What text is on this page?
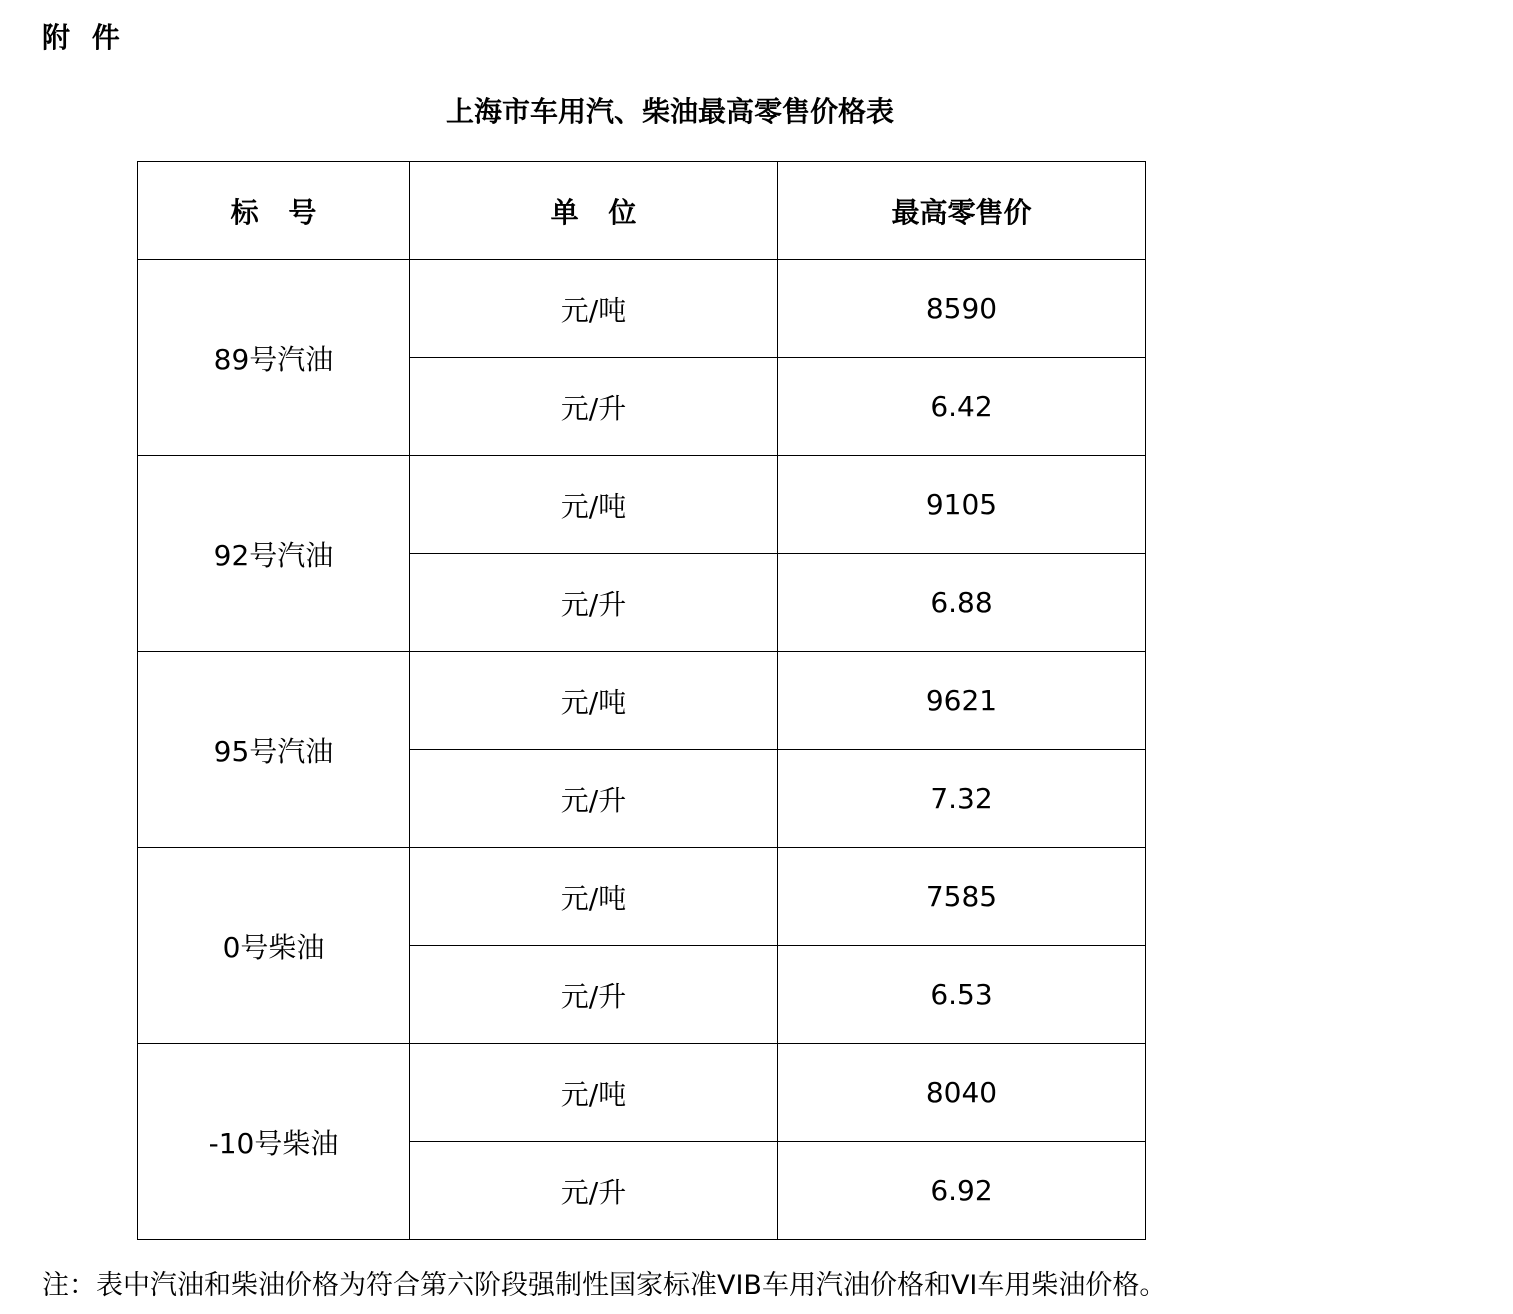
附 件
上海市车用汽、柴油最高零售价格表
标 号	单 位	最高零售价
89号汽油	元/吨	8590
	元/升	6.42
92号汽油	元/吨	9105
	元/升	6.88
95号汽油	元/吨	9621
	元/升	7.32
0号柴油	元/吨	7585
	元/升	6.53
-10号柴油	元/吨	8040
	元/升	6.92
注：表中汽油和柴油价格为符合第六阶段强制性国家标准VIB车用汽油价格和VI车用柴油价格。
